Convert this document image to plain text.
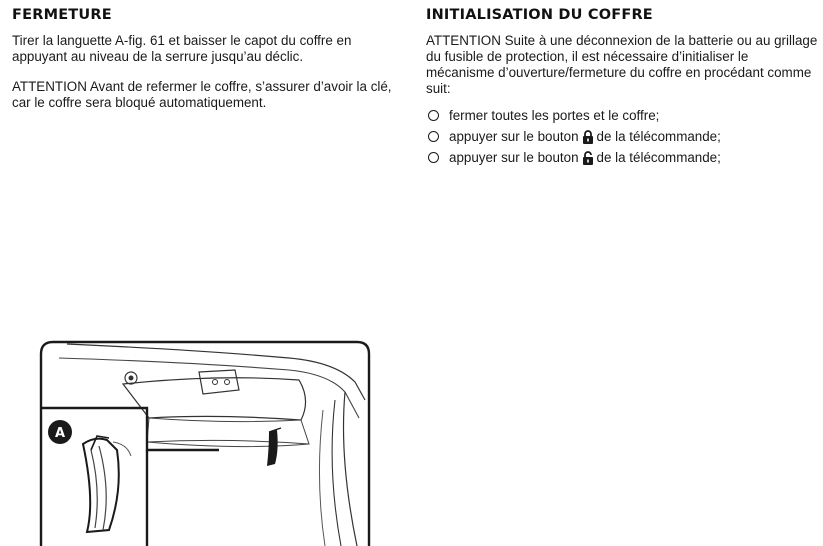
FERMETURE

Tirer la languette A-fig. 61 et baisser le capot du coffre en appuyant au niveau de la serrure jusqu’au déclic.

ATTENTION Avant de refermer le coffre, s’assurer d’avoir la clé, car le coffre sera bloqué automatiquement.

INITIALISATION DU COFFRE

ATTENTION Suite à une déconnexion de la batterie ou au grillage du fusible de protection, il est nécessaire d’initialiser le mécanisme d’ouverture/fermeture du coffre en procédant comme suit:

fermer toutes les portes et le coffre;
appuyer sur le bouton de la télécommande;
appuyer sur le bouton de la télécommande;
A
